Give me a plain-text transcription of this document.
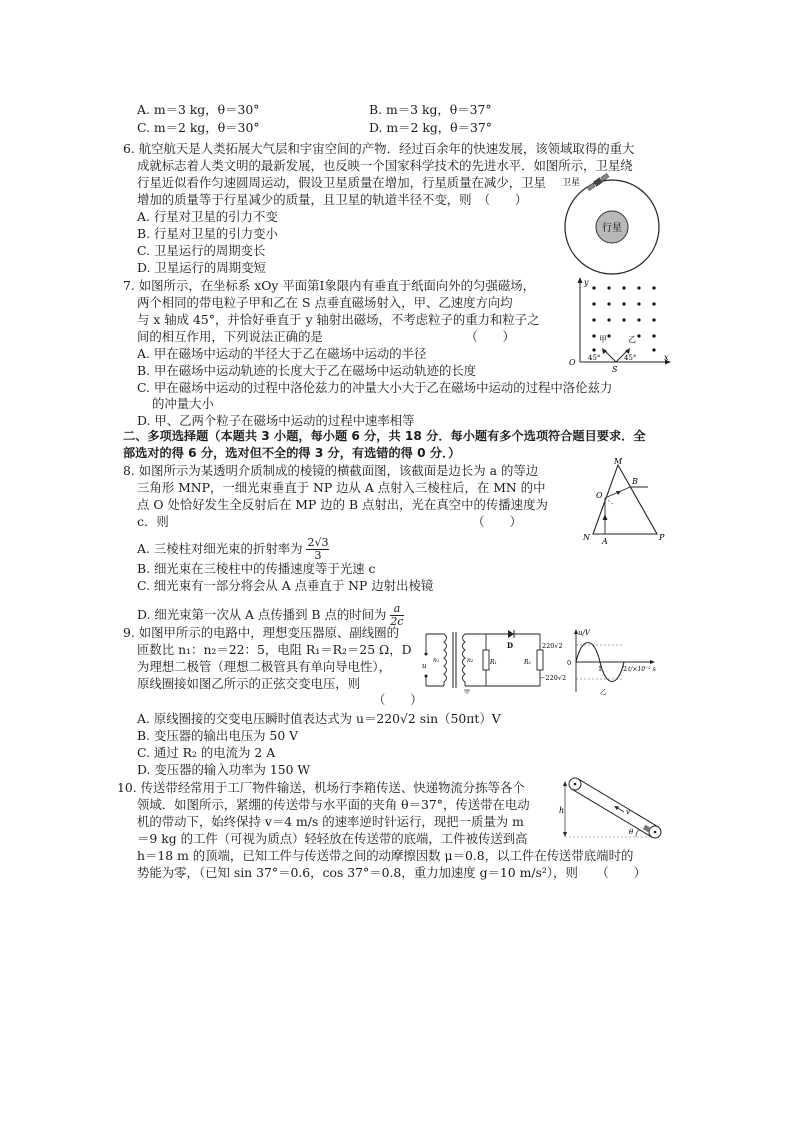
A. m＝3 kg，θ＝30°	B. m＝3 kg，θ＝37°
C. m＝2 kg，θ＝30°	D. m＝2 kg，θ＝37°
6. 航空航天是人类拓展大气层和宇宙空间的产物．经过百余年的快速发展，该领域取得的重大
成就标志着人类文明的最新发展，也反映一个国家科学技术的先进水平．如图所示，卫星绕
行星近似看作匀速圆周运动，假设卫星质量在增加，行星质量在减少，卫星
增加的质量等于行星减少的质量，且卫星的轨道半径不变，则　（　　）
A. 行星对卫星的引力不变
B. 行星对卫星的引力变小
C. 卫星运行的周期变长
D. 卫星运行的周期变短
行星
卫星
7. 如图所示，在坐标系 xOy 平面第Ⅰ象限内有垂直于纸面向外的匀强磁场，
两个相同的带电粒子甲和乙在 S 点垂直磁场射入，甲、乙速度方向均
与 x 轴成 45°，并恰好垂直于 y 轴射出磁场，不考虑粒子的重力和粒子之
间的相互作用，下列说法正确的是　　　　　　　　　　　　（　　）
A. 甲在磁场中运动的半径大于乙在磁场中运动的半径
B. 甲在磁场中运动轨迹的长度大于乙在磁场中运动轨迹的长度
C. 甲在磁场中运动的过程中洛伦兹力的冲量大小大于乙在磁场中运动的过程中洛伦兹力
的冲量大小
D. 甲、乙两个粒子在磁场中运动的过程中速率相等
y
O
x
S
甲	乙
45°	45°
二、多项选择题（本题共 3 小题，每小题 6 分，共 18 分．每小题有多个选项符合题目要求．全
部选对的得 6 分，选对但不全的得 3 分，有选错的得 0 分．）
8. 如图所示为某透明介质制成的棱镜的横截面图，该截面是边长为 a 的等边
三角形 MNP，一细光束垂直于 NP 边从 A 点射入三棱柱后，在 MN 的中
点 O 处恰好发生全反射后在 MP 边的 B 点射出，光在真空中的传播速度为
c．则　　　　　　　　　　　　　　　　　　　　　　　　　（　　）
A. 三棱柱对细光束的折射率为 $\frac{2√3}{3}$
B. 细光束在三棱柱中的传播速度等于光速 c
C. 细光束有一部分将会从 A 点垂直于 NP 边射出棱镜
D. 细光束第一次从 A 点传播到 B 点的时间为 $\frac{a}{2c}$
M
N	P
O
A
B
9. 如图甲所示的电路中，理想变压器原、副线圈的
匝数比 n₁：n₂＝22：5，电阻 R₁＝R₂＝25 Ω，D
为理想二极管（理想二极管具有单向导电性），
原线圈接如图乙所示的正弦交变电压，则
（　　）
A. 原线圈接的交变电压瞬时值表达式为 u＝220√2 sin（50πt）V
B. 变压器的输出电压为 50 V
C. 通过 R₂ 的电流为 2 A
D. 变压器的输入功率为 150 W
u
n₁	n₂	R₁
D
R₂
甲
u/V
220√2
0
−220√2
1	2 t/×10⁻² s
乙
10. 传送带经常用于工厂物件输送，机场行李箱传送、快递物流分拣等各个
领域．如图所示，紧绷的传送带与水平面的夹角 θ＝37°，传送带在电动
机的带动下，始终保持 v＝4 m/s 的速率逆时针运行，现把一质量为 m
＝9 kg 的工件（可视为质点）轻轻放在传送带的底端，工件被传送到高
h＝18 m 的顶端，已知工件与传送带之间的动摩擦因数 μ＝0.8，以工件在传送带底端时的
势能为零，（已知 sin 37°＝0.6，cos 37°＝0.8，重力加速度 g＝10 m/s²），则　　（　　）
h	v
θ
